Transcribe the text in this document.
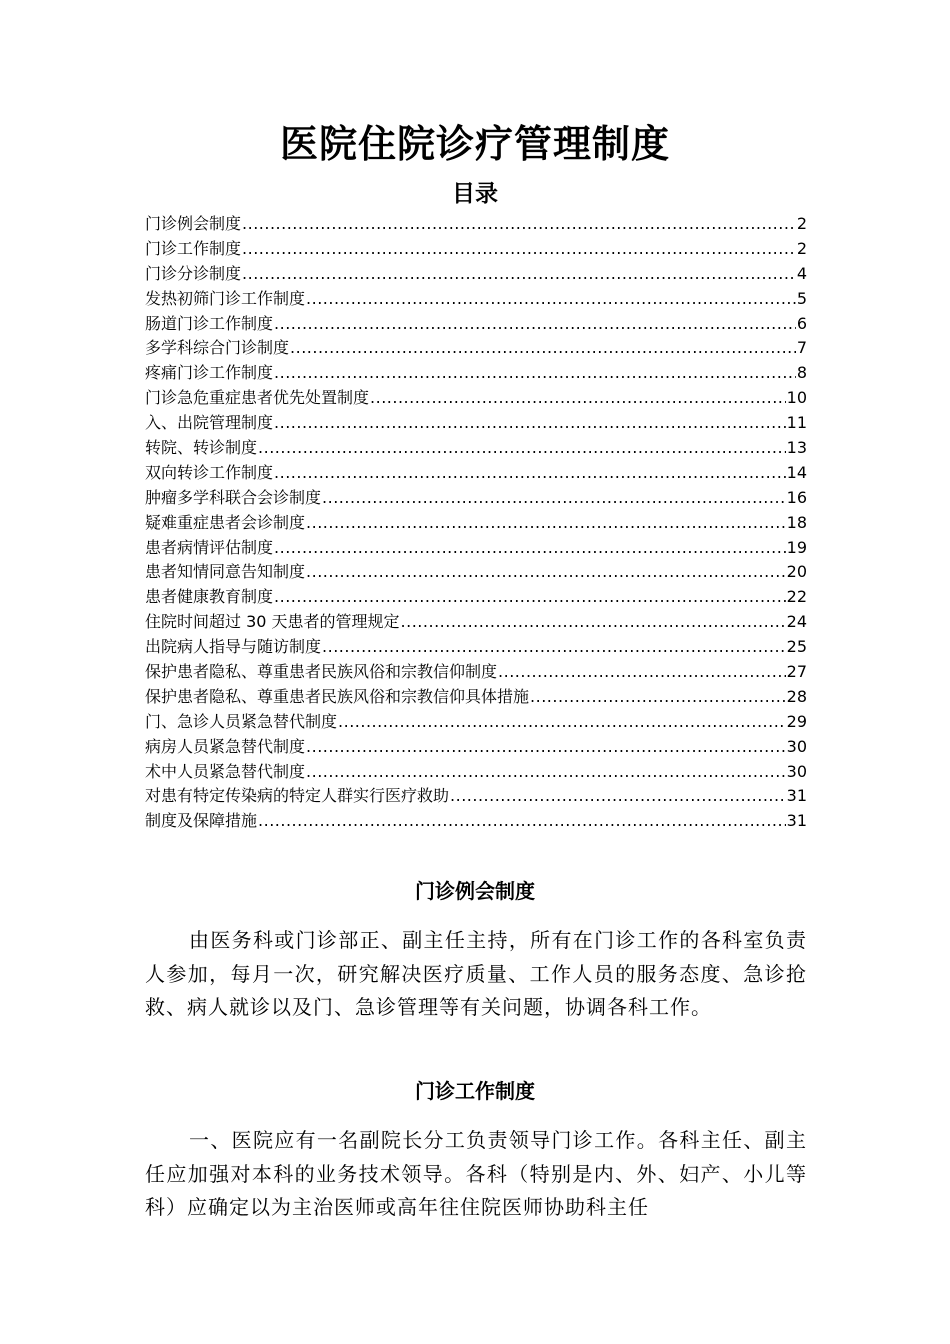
医院住院诊疗管理制度
目录
门诊例会制度 .....	2
门诊工作制度 .....	2
门诊分诊制度 .....	4
发热初筛门诊工作制度 .....	5
肠道门诊工作制度 .....	6
多学科综合门诊制度 .....	7
疼痛门诊工作制度 .....	8
门诊急危重症患者优先处置制度 .....	10
入、出院管理制度 .....	11
转院、转诊制度 .....	13
双向转诊工作制度 .....	14
肿瘤多学科联合会诊制度 .....	16
疑难重症患者会诊制度 .....	18
患者病情评估制度 .....	19
患者知情同意告知制度 .....	20
患者健康教育制度 .....	22
住院时间超过 30 天患者的管理规定 .....	24
出院病人指导与随访制度 .....	25
保护患者隐私、尊重患者民族风俗和宗教信仰制度 .....	27
保护患者隐私、尊重患者民族风俗和宗教信仰具体措施 .....	28
门、急诊人员紧急替代制度 .....	29
病房人员紧急替代制度 .....	30
术中人员紧急替代制度 .....	30
对患有特定传染病的特定人群实行医疗救助 .....	31
制度及保障措施 .....	31
门诊例会制度
由医务科或门诊部正、副主任主持，所有在门诊工作的各科室负责人参加，每月一次，研究解决医疗质量、工作人员的服务态度、急诊抢救、病人就诊以及门、急诊管理等有关问题，协调各科工作。
门诊工作制度
一、医院应有一名副院长分工负责领导门诊工作。各科主任、副主任应加强对本科的业务技术领导。各科（特别是内、外、妇产、小儿等科）应确定以为主治医师或高年往住院医师协助科主任
